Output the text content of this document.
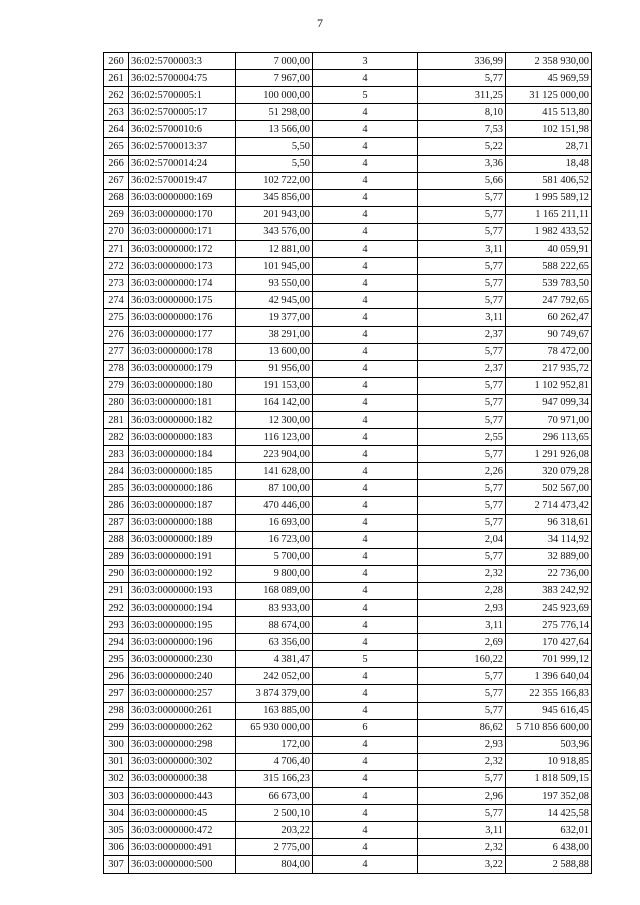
7
260	36:02:5700003:3	7 000,00	3	336,99	2 358 930,00
261	36:02:5700004:75	7 967,00	4	5,77	45 969,59
262	36:02:5700005:1	100 000,00	5	311,25	31 125 000,00
263	36:02:5700005:17	51 298,00	4	8,10	415 513,80
264	36:02:5700010:6	13 566,00	4	7,53	102 151,98
265	36:02:5700013:37	5,50	4	5,22	28,71
266	36:02:5700014:24	5,50	4	3,36	18,48
267	36:02:5700019:47	102 722,00	4	5,66	581 406,52
268	36:03:0000000:169	345 856,00	4	5,77	1 995 589,12
269	36:03:0000000:170	201 943,00	4	5,77	1 165 211,11
270	36:03:0000000:171	343 576,00	4	5,77	1 982 433,52
271	36:03:0000000:172	12 881,00	4	3,11	40 059,91
272	36:03:0000000:173	101 945,00	4	5,77	588 222,65
273	36:03:0000000:174	93 550,00	4	5,77	539 783,50
274	36:03:0000000:175	42 945,00	4	5,77	247 792,65
275	36:03:0000000:176	19 377,00	4	3,11	60 262,47
276	36:03:0000000:177	38 291,00	4	2,37	90 749,67
277	36:03:0000000:178	13 600,00	4	5,77	78 472,00
278	36:03:0000000:179	91 956,00	4	2,37	217 935,72
279	36:03:0000000:180	191 153,00	4	5,77	1 102 952,81
280	36:03:0000000:181	164 142,00	4	5,77	947 099,34
281	36:03:0000000:182	12 300,00	4	5,77	70 971,00
282	36:03:0000000:183	116 123,00	4	2,55	296 113,65
283	36:03:0000000:184	223 904,00	4	5,77	1 291 926,08
284	36:03:0000000:185	141 628,00	4	2,26	320 079,28
285	36:03:0000000:186	87 100,00	4	5,77	502 567,00
286	36:03:0000000:187	470 446,00	4	5,77	2 714 473,42
287	36:03:0000000:188	16 693,00	4	5,77	96 318,61
288	36:03:0000000:189	16 723,00	4	2,04	34 114,92
289	36:03:0000000:191	5 700,00	4	5,77	32 889,00
290	36:03:0000000:192	9 800,00	4	2,32	22 736,00
291	36:03:0000000:193	168 089,00	4	2,28	383 242,92
292	36:03:0000000:194	83 933,00	4	2,93	245 923,69
293	36:03:0000000:195	88 674,00	4	3,11	275 776,14
294	36:03:0000000:196	63 356,00	4	2,69	170 427,64
295	36:03:0000000:230	4 381,47	5	160,22	701 999,12
296	36:03:0000000:240	242 052,00	4	5,77	1 396 640,04
297	36:03:0000000:257	3 874 379,00	4	5,77	22 355 166,83
298	36:03:0000000:261	163 885,00	4	5,77	945 616,45
299	36:03:0000000:262	65 930 000,00	6	86,62	5 710 856 600,00
300	36:03:0000000:298	172,00	4	2,93	503,96
301	36:03:0000000:302	4 706,40	4	2,32	10 918,85
302	36:03:0000000:38	315 166,23	4	5,77	1 818 509,15
303	36:03:0000000:443	66 673,00	4	2,96	197 352,08
304	36:03:0000000:45	2 500,10	4	5,77	14 425,58
305	36:03:0000000:472	203,22	4	3,11	632,01
306	36:03:0000000:491	2 775,00	4	2,32	6 438,00
307	36:03:0000000:500	804,00	4	3,22	2 588,88
